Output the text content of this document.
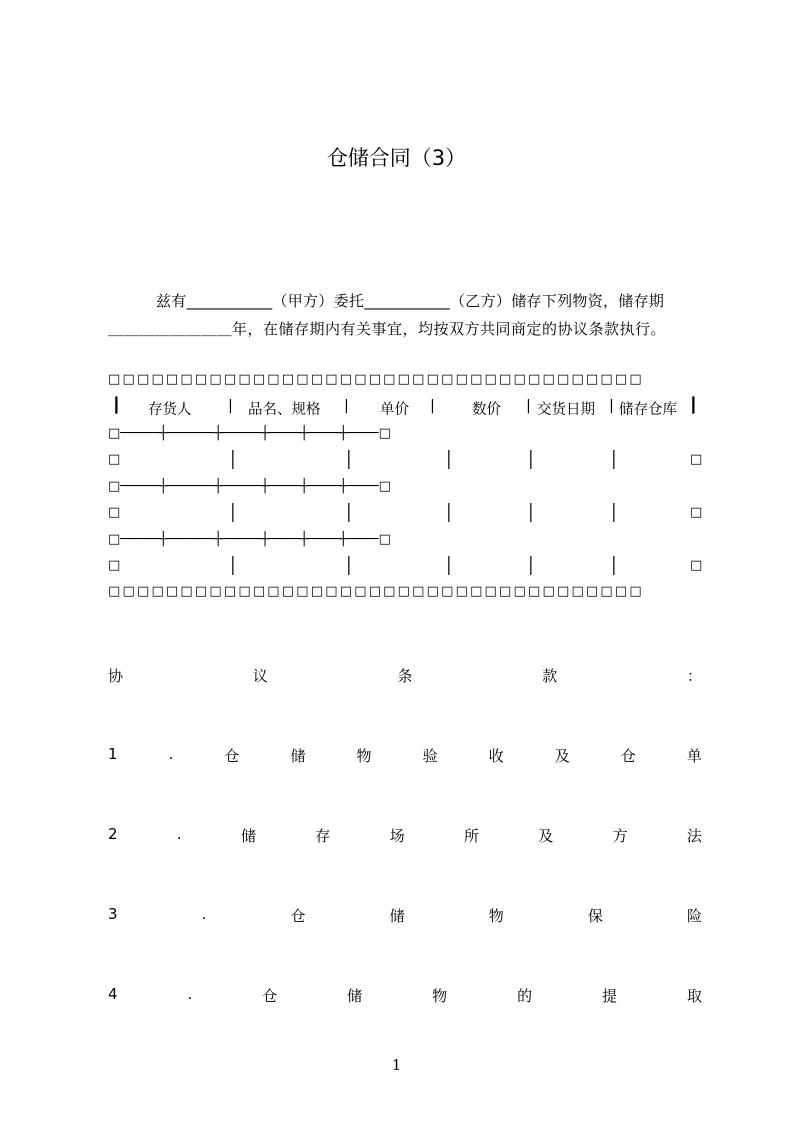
仓储合同（3）
兹有___________（甲方）委托___________（乙方）储存下列物资，储存期
＿＿＿＿＿＿＿＿年，在储存期内有关事宜，均按双方共同商定的协议条款执行。
□□□□□□□□□□□□□□□□□□□□□□□□□□□□□□□□□□□□□
┃ 存货人	| 品名、规格 | 单价 |	数价 | 交货日期 | 储存仓库 ┃
□─────┼──────┼─────┼────┼────┼────□
□	│	│	│	│	│	□
□─────┼──────┼─────┼────┼────┼────□
□	│	│	│	│	│	□
□─────┼──────┼─────┼────┼────┼────□
□	│	│	│	│	│	□
□□□□□□□□□□□□□□□□□□□□□□□□□□□□□□□□□□□□□
协	议	条	款	：
1	.	仓	储	物	验	收	及	仓	单
2	.	储	存	场	所	及	方	法
3	.	仓	储	物	保	险
4	.	仓	储	物	的	提	取
1
